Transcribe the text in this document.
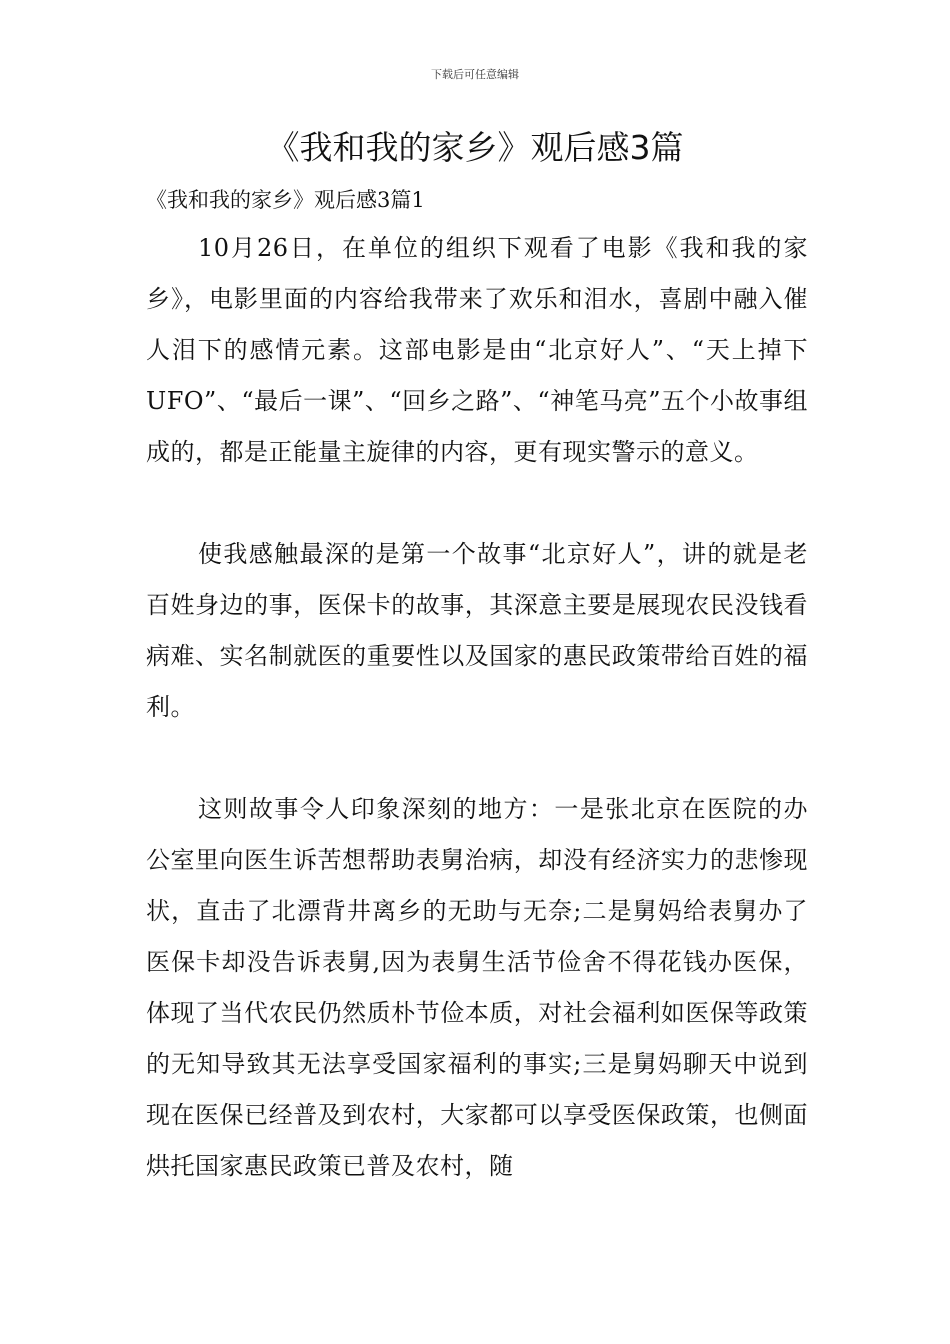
下载后可任意编辑
《我和我的家乡》观后感3篇
《我和我的家乡》观后感3篇1

10月26日，在单位的组织下观看了电影《我和我的家乡》，电影里面的内容给我带来了欢乐和泪水，喜剧中融入催人泪下的感情元素。这部电影是由“北京好人”、“天上掉下UFO”、“最后一课”、“回乡之路”、“神笔马亮”五个小故事组成的，都是正能量主旋律的内容，更有现实警示的意义。

使我感触最深的是第一个故事“北京好人”，讲的就是老百姓身边的事，医保卡的故事，其深意主要是展现农民没钱看病难、实名制就医的重要性以及国家的惠民政策带给百姓的福利。

这则故事令人印象深刻的地方：一是张北京在医院的办公室里向医生诉苦想帮助表舅治病，却没有经济实力的悲惨现状，直击了北漂背井离乡的无助与无奈;二是舅妈给表舅办了医保卡却没告诉表舅,因为表舅生活节俭舍不得花钱办医保，体现了当代农民仍然质朴节俭本质，对社会福利如医保等政策的无知导致其无法享受国家福利的事实;三是舅妈聊天中说到现在医保已经普及到农村，大家都可以享受医保政策，也侧面烘托国家惠民政策已普及农村，随
